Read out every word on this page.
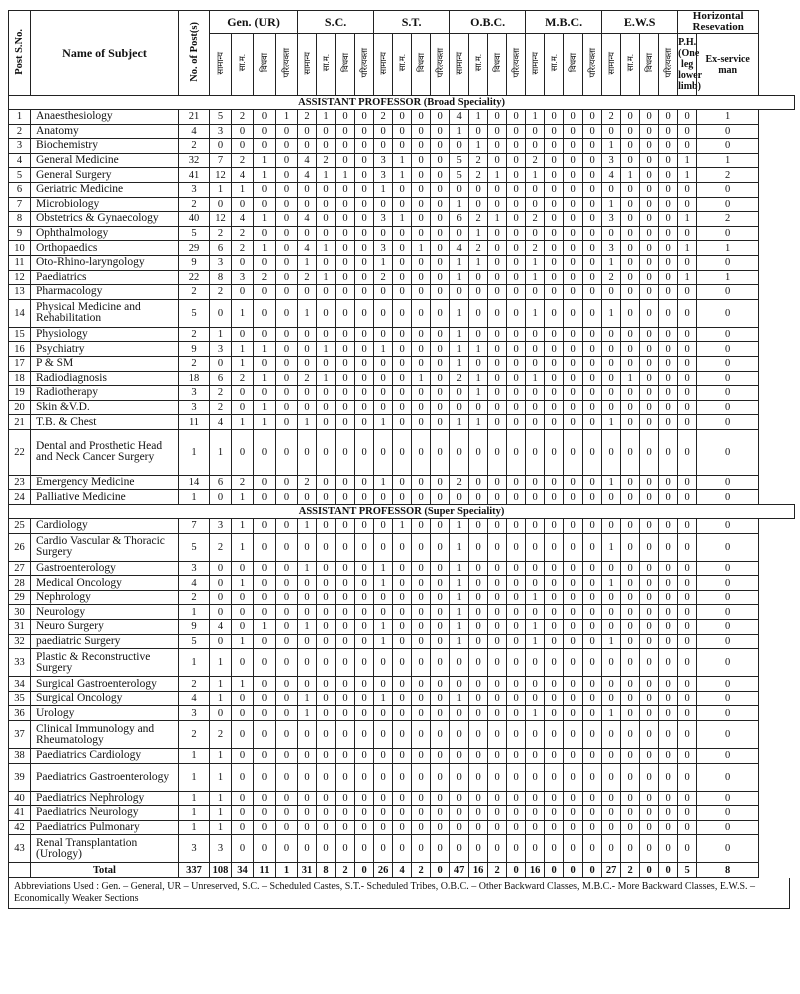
Post S.No.	Name of Subject	No. of Post(s)	Gen. (UR)				S.C.				S.T.				O.B.C.				M.B.C.				E.W.S				Horizontal Resevation	
			सामान्य	सा.म.	विधवा	परित्यक्ता	सामान्य	सा.म.	विधवा	परित्यक्ता	सामान्य	सा.म.	विधवा	परित्यक्ता	सामान्य	सा.म.	विधवा	परित्यक्ता	सामान्य	सा.म.	विधवा	परित्यक्ता	सामान्य	सा.म.	विधवा	परित्यक्ता	P.H. (One leg lower limb)	Ex-service man
ASSISTANT PROFESSOR (Broad Speciality)																												
1	Anaesthesiology	21	5	2	0	1	2	1	0	0	2	0	0	0	4	1	0	0	1	0	0	0	2	0	0	0	0	1
2	Anatomy	4	3	0	0	0	0	0	0	0	0	0	0	0	1	0	0	0	0	0	0	0	0	0	0	0	0	0
3	Biochemistry	2	0	0	0	0	0	0	0	0	0	0	0	0	0	1	0	0	0	0	0	0	1	0	0	0	0	0
4	General Medicine	32	7	2	1	0	4	2	0	0	3	1	0	0	5	2	0	0	2	0	0	0	3	0	0	0	1	1
5	General Surgery	41	12	4	1	0	4	1	1	0	3	1	0	0	5	2	1	0	1	0	0	0	4	1	0	0	1	2
6	Geriatric Medicine	3	1	1	0	0	0	0	0	0	1	0	0	0	0	0	0	0	0	0	0	0	0	0	0	0	0	0
7	Microbiology	2	0	0	0	0	0	0	0	0	0	0	0	0	1	0	0	0	0	0	0	0	1	0	0	0	0	0
8	Obstetrics & Gynaecology	40	12	4	1	0	4	0	0	0	3	1	0	0	6	2	1	0	2	0	0	0	3	0	0	0	1	2
9	Ophthalmology	5	2	2	0	0	0	0	0	0	0	0	0	0	0	1	0	0	0	0	0	0	0	0	0	0	0	0
10	Orthopaedics	29	6	2	1	0	4	1	0	0	3	0	1	0	4	2	0	0	2	0	0	0	3	0	0	0	1	1
11	Oto-Rhino-laryngology	9	3	0	0	0	1	0	0	0	1	0	0	0	1	1	0	0	1	0	0	0	1	0	0	0	0	0
12	Paediatrics	22	8	3	2	0	2	1	0	0	2	0	0	0	1	0	0	0	1	0	0	0	2	0	0	0	1	1
13	Pharmacology	2	2	0	0	0	0	0	0	0	0	0	0	0	0	0	0	0	0	0	0	0	0	0	0	0	0	0
14	Physical Medicine and Rehabilitation	5	0	1	0	0	1	0	0	0	0	0	0	0	1	0	0	0	1	0	0	0	1	0	0	0	0	0
15	Physiology	2	1	0	0	0	0	0	0	0	0	0	0	0	1	0	0	0	0	0	0	0	0	0	0	0	0	0
16	Psychiatry	9	3	1	1	0	0	1	0	0	1	0	0	0	1	1	0	0	0	0	0	0	0	0	0	0	0	0
17	P & SM	2	0	1	0	0	0	0	0	0	0	0	0	0	1	0	0	0	0	0	0	0	0	0	0	0	0	0
18	Radiodiagnosis	18	6	2	1	0	2	1	0	0	0	0	1	0	2	1	0	0	1	0	0	0	0	1	0	0	0	0
19	Radiotherapy	3	2	0	0	0	0	0	0	0	0	0	0	0	0	1	0	0	0	0	0	0	0	0	0	0	0	0
20	Skin &V.D.	3	2	0	1	0	0	0	0	0	0	0	0	0	0	0	0	0	0	0	0	0	0	0	0	0	0	0
21	T.B. & Chest	11	4	1	1	0	1	0	0	0	1	0	0	0	1	1	0	0	0	0	0	0	1	0	0	0	0	0
22	Dental and Prosthetic Head and Neck Cancer Surgery	1	1	0	0	0	0	0	0	0	0	0	0	0	0	0	0	0	0	0	0	0	0	0	0	0	0	0
23	Emergency Medicine	14	6	2	0	0	2	0	0	0	1	0	0	0	2	0	0	0	0	0	0	0	1	0	0	0	0	0
24	Palliative Medicine	1	0	1	0	0	0	0	0	0	0	0	0	0	0	0	0	0	0	0	0	0	0	0	0	0	0	0
ASSISTANT PROFESSOR (Super Speciality)																												
25	Cardiology	7	3	1	0	0	1	0	0	0	0	1	0	0	1	0	0	0	0	0	0	0	0	0	0	0	0	0
26	Cardio Vascular & Thoracic Surgery	5	2	1	0	0	0	0	0	0	0	0	0	0	1	0	0	0	0	0	0	0	1	0	0	0	0	0
27	Gastroenterology	3	0	0	0	0	1	0	0	0	1	0	0	0	1	0	0	0	0	0	0	0	0	0	0	0	0	0
28	Medical Oncology	4	0	1	0	0	0	0	0	0	1	0	0	0	1	0	0	0	0	0	0	0	1	0	0	0	0	0
29	Nephrology	2	0	0	0	0	0	0	0	0	0	0	0	0	1	0	0	0	1	0	0	0	0	0	0	0	0	0
30	Neurology	1	0	0	0	0	0	0	0	0	0	0	0	0	1	0	0	0	0	0	0	0	0	0	0	0	0	0
31	Neuro Surgery	9	4	0	1	0	1	0	0	0	1	0	0	0	1	0	0	0	1	0	0	0	0	0	0	0	0	0
32	paediatric Surgery	5	0	1	0	0	0	0	0	0	1	0	0	0	1	0	0	0	1	0	0	0	1	0	0	0	0	0
33	Plastic & Reconstructive Surgery	1	1	0	0	0	0	0	0	0	0	0	0	0	0	0	0	0	0	0	0	0	0	0	0	0	0	0
34	Surgical Gastroenterology	2	1	1	0	0	0	0	0	0	0	0	0	0	0	0	0	0	0	0	0	0	0	0	0	0	0	0
35	Surgical Oncology	4	1	0	0	0	1	0	0	0	1	0	0	0	1	0	0	0	0	0	0	0	0	0	0	0	0	0
36	Urology	3	0	0	0	0	1	0	0	0	0	0	0	0	0	0	0	0	1	0	0	0	1	0	0	0	0	0
37	Clinical Immunology and Rheumatology	2	2	0	0	0	0	0	0	0	0	0	0	0	0	0	0	0	0	0	0	0	0	0	0	0	0	0
38	Paediatrics Cardiology	1	1	0	0	0	0	0	0	0	0	0	0	0	0	0	0	0	0	0	0	0	0	0	0	0	0	0
39	Paediatrics Gastroenterology	1	1	0	0	0	0	0	0	0	0	0	0	0	0	0	0	0	0	0	0	0	0	0	0	0	0	0
40	Paediatrics Nephrology	1	1	0	0	0	0	0	0	0	0	0	0	0	0	0	0	0	0	0	0	0	0	0	0	0	0	0
41	Paediatrics Neurology	1	1	0	0	0	0	0	0	0	0	0	0	0	0	0	0	0	0	0	0	0	0	0	0	0	0	0
42	Paediatrics Pulmonary	1	1	0	0	0	0	0	0	0	0	0	0	0	0	0	0	0	0	0	0	0	0	0	0	0	0	0
43	Renal Transplantation (Urology)	3	3	0	0	0	0	0	0	0	0	0	0	0	0	0	0	0	0	0	0	0	0	0	0	0	0	0
	Total	337	108	34	11	1	31	8	2	0	26	4	2	0	47	16	2	0	16	0	0	0	27	2	0	0	5	8
Abbreviations Used : Gen. – General, UR – Unreserved, S.C. – Scheduled Castes, S.T.- Scheduled Tribes, O.B.C. – Other Backward Classes, M.B.C.- More Backward Classes, E.W.S. – Economically Weaker Sections
